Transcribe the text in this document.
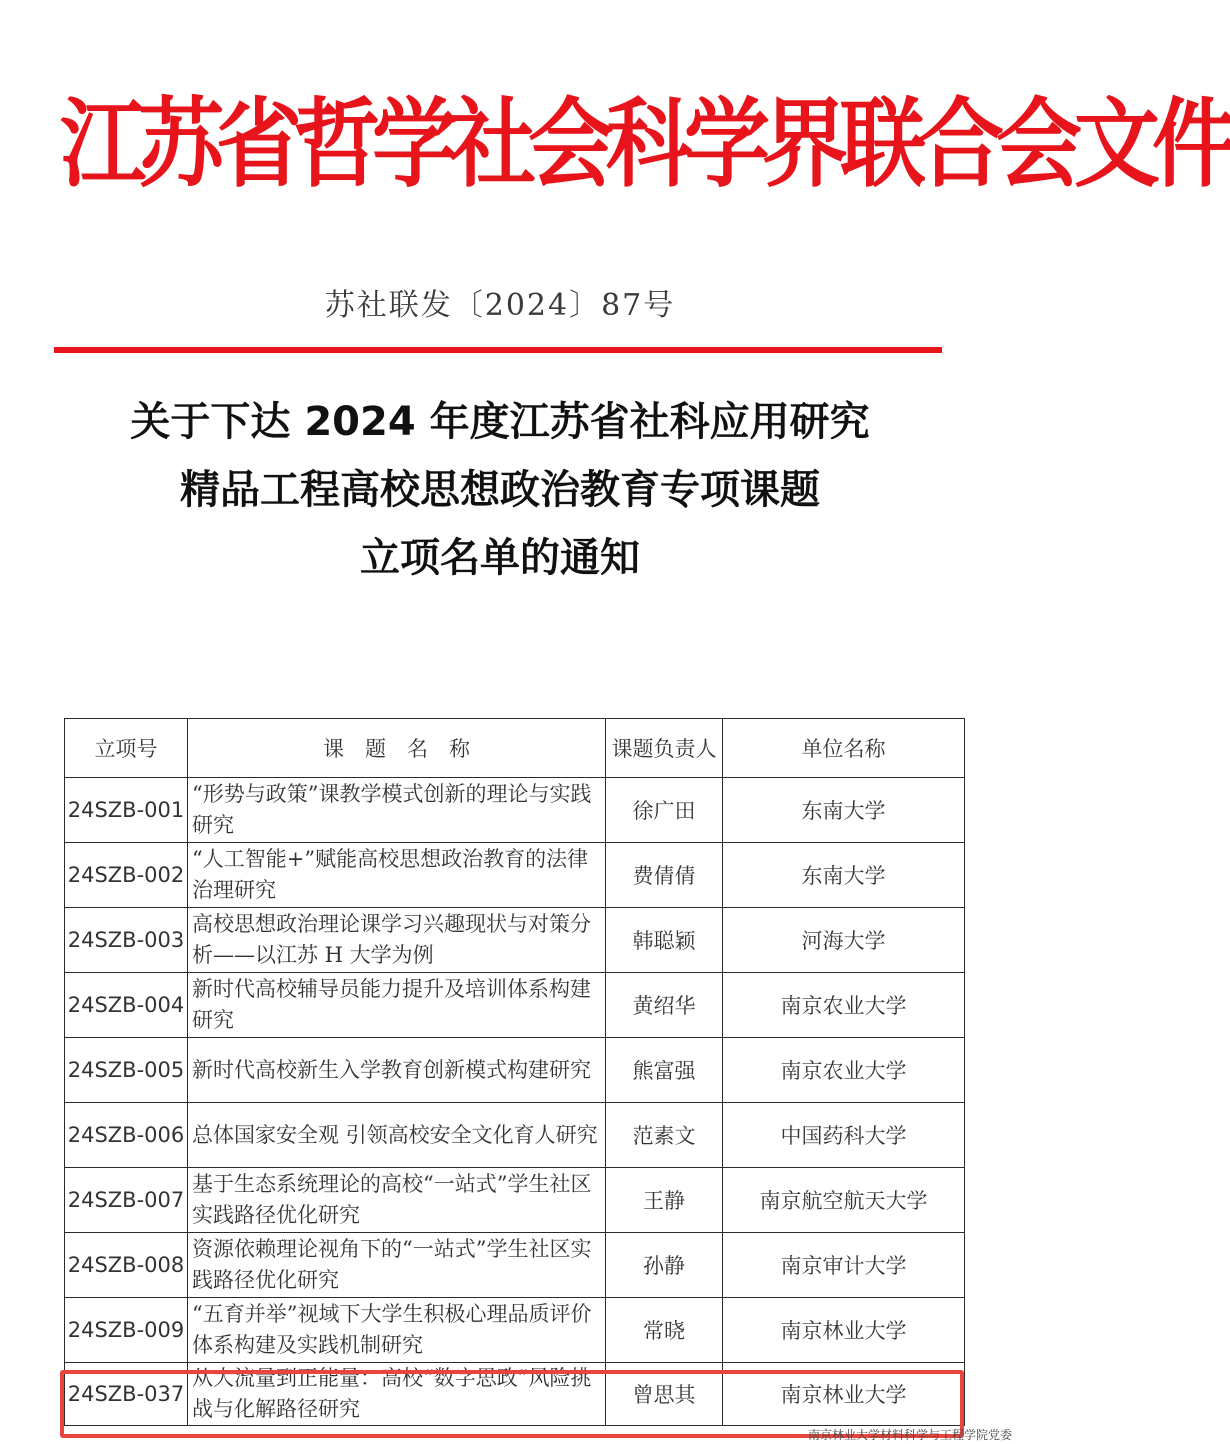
江苏省哲学社会科学界联合会文件
苏社联发〔2024〕87号
关于下达 2024 年度江苏省社科应用研究
精品工程高校思想政治教育专项课题
立项名单的通知
立项号	课　题　名　称	课题负责人	单位名称
24SZB-001	“形势与政策”课教学模式创新的理论与实践研究	徐广田	东南大学
24SZB-002	“人工智能+”赋能高校思想政治教育的法律治理研究	费倩倩	东南大学
24SZB-003	高校思想政治理论课学习兴趣现状与对策分析——以江苏 H 大学为例	韩聪颖	河海大学
24SZB-004	新时代高校辅导员能力提升及培训体系构建研究	黄绍华	南京农业大学
24SZB-005	新时代高校新生入学教育创新模式构建研究	熊富强	南京农业大学
24SZB-006	总体国家安全观 引领高校安全文化育人研究	范素文	中国药科大学
24SZB-007	基于生态系统理论的高校“一站式”学生社区实践路径优化研究	王静	南京航空航天大学
24SZB-008	资源依赖理论视角下的“一站式”学生社区实践路径优化研究	孙静	南京审计大学
24SZB-009	“五育并举”视域下大学生积极心理品质评价体系构建及实践机制研究	常晓	南京林业大学
24SZB-037	从大流量到正能量：高校“数字思政”风险挑战与化解路径研究	曾思其	南京林业大学
南京林业大学材料科学与工程学院党委
